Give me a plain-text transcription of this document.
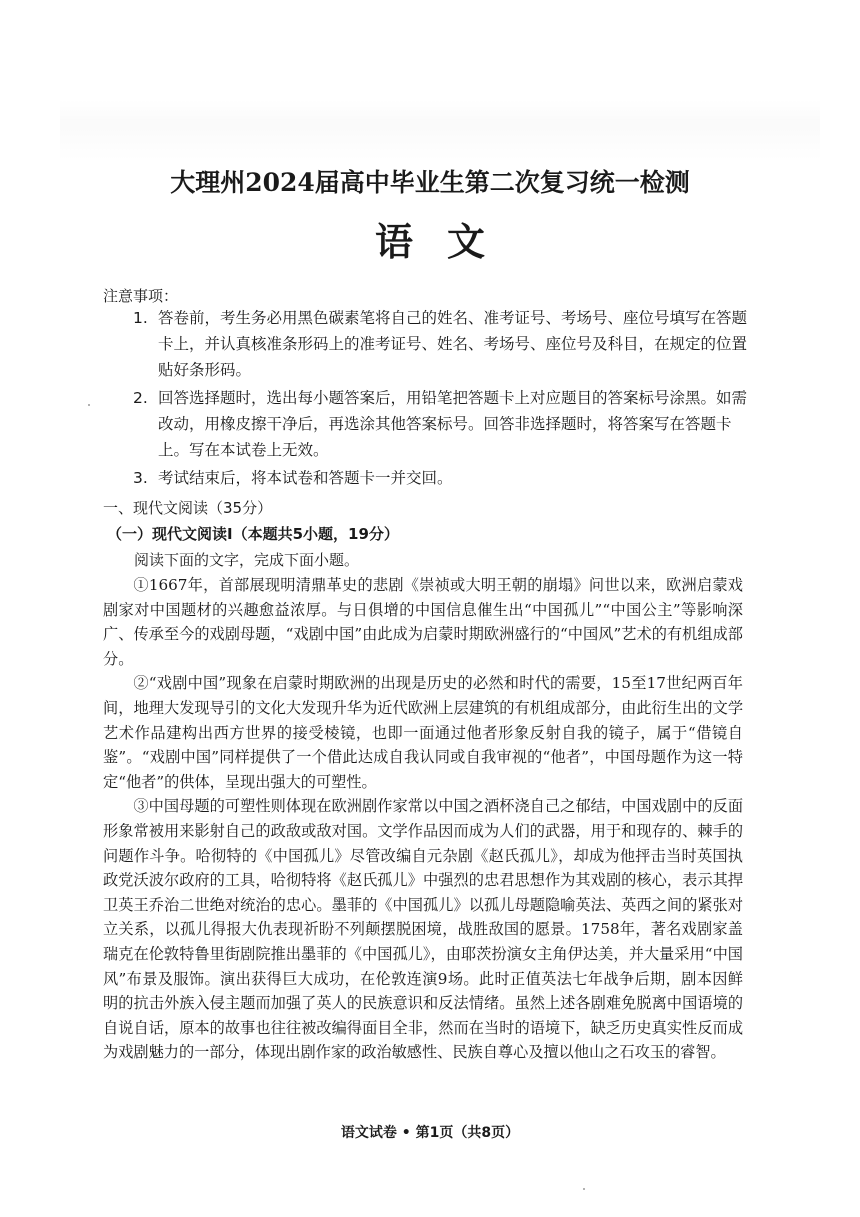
大理州2024届高中毕业生第二次复习统一检测
语文
注意事项：
1. 答卷前，考生务必用黑色碳素笔将自己的姓名、准考证号、考场号、座位号填写在答题卡上，并认真核准条形码上的准考证号、姓名、考场号、座位号及科目，在规定的位置贴好条形码。
2. 回答选择题时，选出每小题答案后，用铅笔把答题卡上对应题目的答案标号涂黑。如需改动，用橡皮擦干净后，再选涂其他答案标号。回答非选择题时，将答案写在答题卡上。写在本试卷上无效。
3. 考试结束后，将本试卷和答题卡一并交回。
一、现代文阅读（35分）
（一）现代文阅读Ⅰ（本题共5小题，19分）
阅读下面的文字，完成下面小题。

①1667年，首部展现明清鼎革史的悲剧《崇祯或大明王朝的崩塌》问世以来，欧洲启蒙戏剧家对中国题材的兴趣愈益浓厚。与日俱增的中国信息催生出“中国孤儿”“中国公主”等影响深广、传承至今的戏剧母题，“戏剧中国”由此成为启蒙时期欧洲盛行的“中国风”艺术的有机组成部分。

②“戏剧中国”现象在启蒙时期欧洲的出现是历史的必然和时代的需要，15至17世纪两百年间，地理大发现导引的文化大发现升华为近代欧洲上层建筑的有机组成部分，由此衍生出的文学艺术作品建构出西方世界的接受棱镜，也即一面通过他者形象反射自我的镜子，属于“借镜自鉴”。“戏剧中国”同样提供了一个借此达成自我认同或自我审视的“他者”，中国母题作为这一特定“他者”的供体，呈现出强大的可塑性。

③中国母题的可塑性则体现在欧洲剧作家常以中国之酒杯浇自己之郁结，中国戏剧中的反面形象常被用来影射自己的政敌或敌对国。文学作品因而成为人们的武器，用于和现存的、棘手的问题作斗争。哈彻特的《中国孤儿》尽管改编自元杂剧《赵氏孤儿》，却成为他抨击当时英国执政党沃波尔政府的工具，哈彻特将《赵氏孤儿》中强烈的忠君思想作为其戏剧的核心，表示其捍卫英王乔治二世绝对统治的忠心。墨菲的《中国孤儿》以孤儿母题隐喻英法、英西之间的紧张对立关系，以孤儿得报大仇表现祈盼不列颠摆脱困境，战胜敌国的愿景。1758年，著名戏剧家盖瑞克在伦敦特鲁里街剧院推出墨菲的《中国孤儿》，由耶茨扮演女主角伊达美，并大量采用“中国风”布景及服饰。演出获得巨大成功，在伦敦连演9场。此时正值英法七年战争后期，剧本因鲜明的抗击外族入侵主题而加强了英人的民族意识和反法情绪。虽然上述各剧难免脱离中国语境的自说自话，原本的故事也往往被改编得面目全非，然而在当时的语境下，缺乏历史真实性反而成为戏剧魅力的一部分，体现出剧作家的政治敏感性、民族自尊心及擅以他山之石攻玉的睿智。

语文试卷 • 第1页（共8页）
